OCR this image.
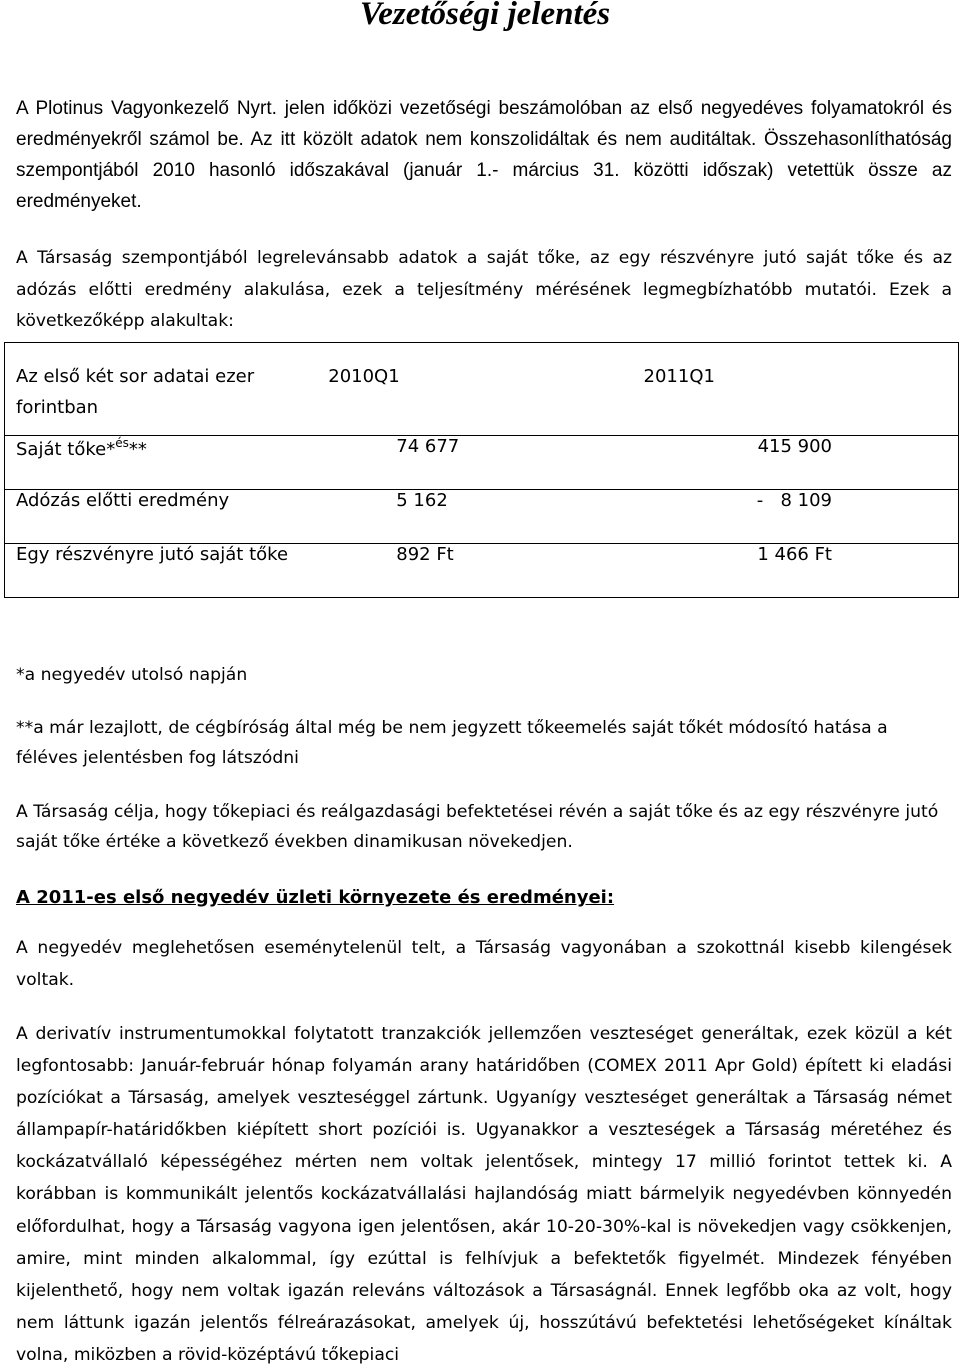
Vezetőségi jelentés

A Plotinus Vagyonkezelő Nyrt. jelen időközi vezetőségi beszámolóban az első negyedéves folyamatokról és eredményekről számol be. Az itt közölt adatok nem konszolidáltak és nem auditáltak. Összehasonlíthatóság szempontjából 2010 hasonló időszakával (január 1.- március 31. közötti időszak) vetettük össze az eredményeket.

A Társaság szempontjából legrelevánsabb adatok a saját tőke, az egy részvényre jutó saját tőke és az adózás előtti eredmény alakulása, ezek a teljesítmény mérésének legmegbízhatóbb mutatói. Ezek a következőképp alakultak:

Az első két sor adatai ezer forintban	2010Q1	2011Q1

Saját tőke*$^{és}$**	74 677	415 900
Adózás előtti eredmény	5 162	-   8 109
Egy részvényre jutó saját tőke	892 Ft	1 466 Ft

*a negyedév utolsó napján

**a már lezajlott, de cégbíróság által még be nem jegyzett tőkeemelés saját tőkét módosító hatása a féléves jelentésben fog látszódni

A Társaság célja, hogy tőkepiaci és reálgazdasági befektetései révén a saját tőke és az egy részvényre jutó saját tőke értéke a következő években dinamikusan növekedjen.

A 2011-es első negyedév üzleti környezete és eredményei:

A negyedév meglehetősen eseménytelenül telt, a Társaság vagyonában a szokottnál kisebb kilengések voltak.

A derivatív instrumentumokkal folytatott tranzakciók jellemzően veszteséget generáltak, ezek közül a két legfontosabb: Január-február hónap folyamán arany határidőben (COMEX 2011 Apr Gold) épített ki eladási pozíciókat a Társaság, amelyek veszteséggel zártunk. Ugyanígy veszteséget generáltak a Társaság német állampapír-határidőkben kiépített short pozíciói is. Ugyanakkor a veszteségek a Társaság méretéhez és kockázatvállaló képességéhez mérten nem voltak jelentősek, mintegy 17 millió forintot tettek ki. A korábban is kommunikált jelentős kockázatvállalási hajlandóság miatt bármelyik negyedévben könnyedén előfordulhat, hogy a Társaság vagyona igen jelentősen, akár 10-20-30%-kal is növekedjen vagy csökkenjen, amire, mint minden alkalommal, így ezúttal is felhívjuk a befektetők figyelmét. Mindezek fényében kijelenthető, hogy nem voltak igazán releváns változások a Társaságnál. Ennek legfőbb oka az volt, hogy nem láttunk igazán jelentős félreárazásokat, amelyek új, hosszútávú befektetési lehetőségeket kínáltak volna, miközben a rövid-középtávú tőkepiaci
